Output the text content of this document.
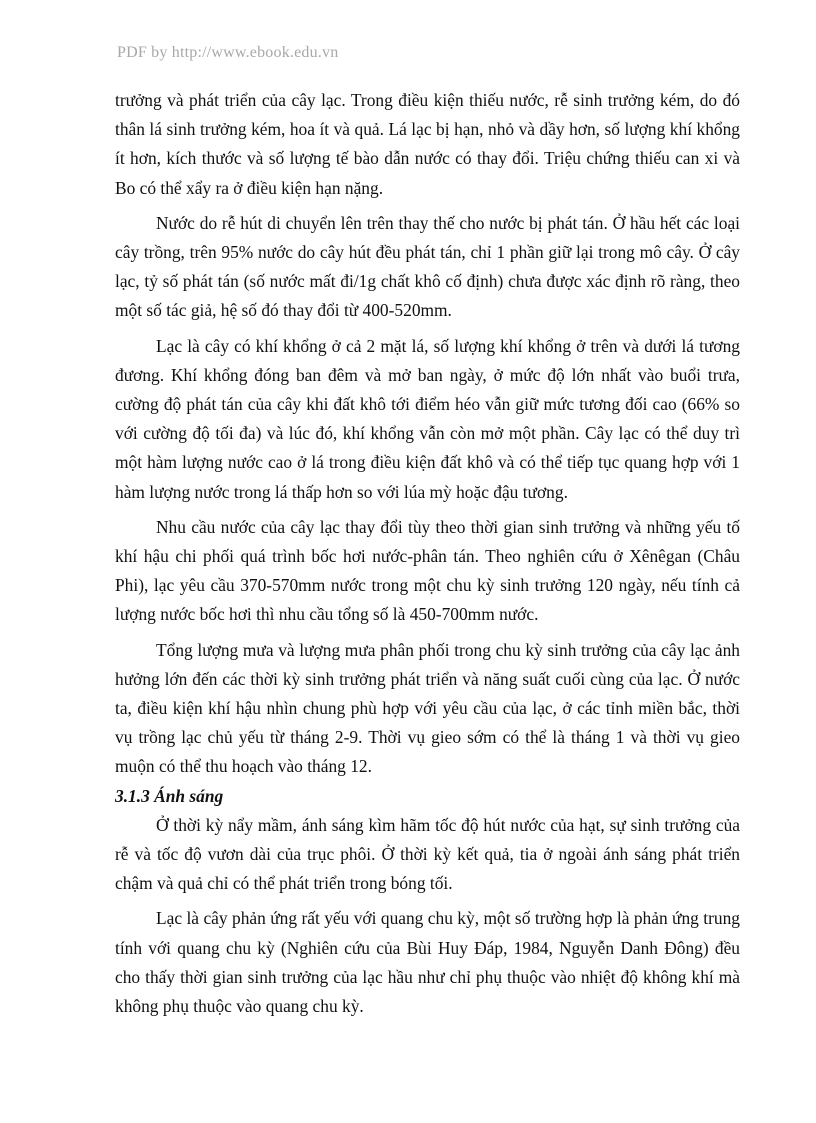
PDF by http://www.ebook.edu.vn

trưởng và phát triển của cây lạc. Trong điều kiện thiếu nước, rễ sinh trưởng kém, do đó thân lá sinh trưởng kém, hoa ít và quả. Lá lạc bị hạn, nhỏ và dầy hơn, số lượng khí khổng ít hơn, kích thước và số lượng tế bào dẫn nước có thay đổi. Triệu chứng thiếu can xi và Bo có thể xẩy ra ở điều kiện hạn nặng.

Nước do rễ hút di chuyển lên trên thay thế cho nước bị phát tán. Ở hầu hết các loại cây trồng, trên 95% nước do cây hút đều phát tán, chỉ 1 phần giữ lại trong mô cây. Ở cây lạc, tỷ số phát tán (số nước mất đi/1g chất khô cố định) chưa được xác định rõ ràng, theo một số tác giả, hệ số đó thay đổi từ 400-520mm.

Lạc là cây có khí khổng ở cả 2 mặt lá, số lượng khí khổng ở trên và dưới lá tương đương. Khí khổng đóng ban đêm và mở ban ngày, ở mức độ lớn nhất vào buổi trưa, cường độ phát tán của cây khi đất khô tới điểm héo vẫn giữ mức tương đối cao (66% so với cường độ tối đa) và lúc đó, khí khổng vẫn còn mở một phần. Cây lạc có thể duy trì một hàm lượng nước cao ở lá trong điều kiện đất khô và có thể tiếp tục quang hợp với 1 hàm lượng nước trong lá thấp hơn so với lúa mỳ hoặc đậu tương.

Nhu cầu nước của cây lạc thay đổi tùy theo thời gian sinh trưởng và những yếu tố khí hậu chi phối quá trình bốc hơi nước-phân tán. Theo nghiên cứu ở Xênêgan (Châu Phi), lạc yêu cầu 370-570mm nước trong một chu kỳ sinh trưởng 120 ngày, nếu tính cả lượng nước bốc hơi thì nhu cầu tổng số là 450-700mm nước.

Tổng lượng mưa và lượng mưa phân phối trong chu kỳ sinh trưởng của cây lạc ảnh hưởng lớn đến các thời kỳ sinh trưởng phát triển và năng suất cuối cùng của lạc. Ở nước ta, điều kiện khí hậu nhìn chung phù hợp với yêu cầu của lạc, ở các tỉnh miền bắc, thời vụ trồng lạc chủ yếu từ tháng 2-9. Thời vụ gieo sớm có thể là tháng 1 và thời vụ gieo muộn có thể thu hoạch vào tháng 12.

3.1.3 Ánh sáng

Ở thời kỳ nẩy mầm, ánh sáng kìm hãm tốc độ hút nước của hạt, sự sinh trưởng của rễ và tốc độ vươn dài của trục phôi. Ở thời kỳ kết quả, tia ở ngoài ánh sáng phát triển chậm và quả chỉ có thể phát triển trong bóng tối.

Lạc là cây phản ứng rất yếu với quang chu kỳ, một số trường hợp là phản ứng trung tính với quang chu kỳ (Nghiên cứu của Bùi Huy Đáp, 1984, Nguyễn Danh Đông) đều cho thấy thời gian sinh trưởng của lạc hầu như chỉ phụ thuộc vào nhiệt độ không khí mà không phụ thuộc vào quang chu kỳ.
